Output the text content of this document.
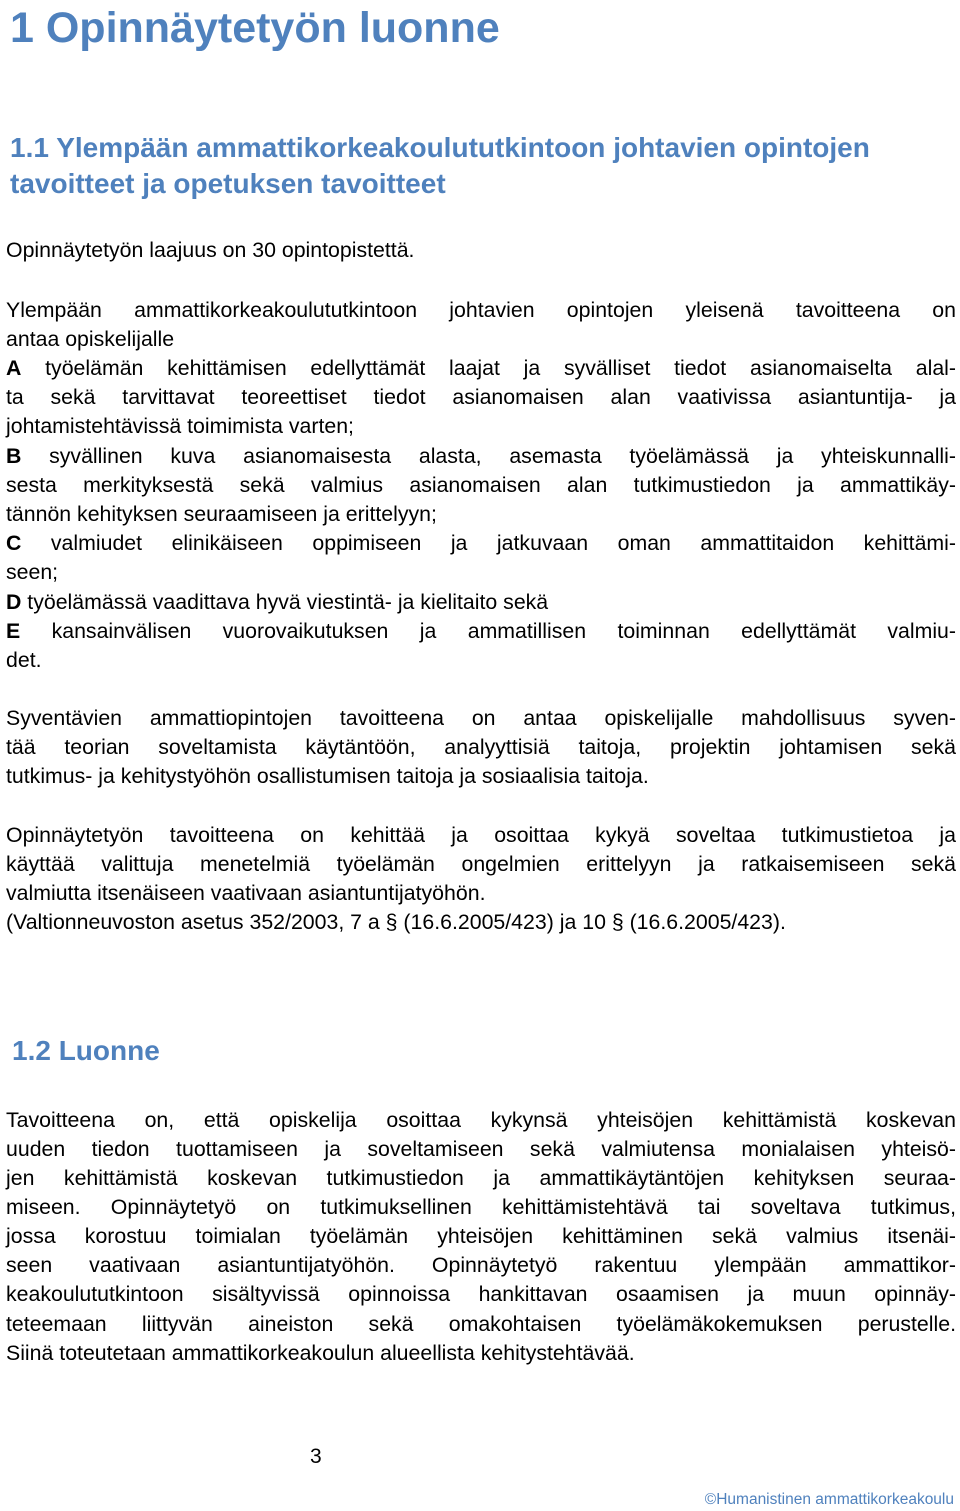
1 Opinnäytetyön luonne
1.1 Ylempään ammattikorkeakoulututkintoon johtavien opintojen
tavoitteet ja opetuksen tavoitteet
Opinnäytetyön laajuus on 30 opintopistettä.
Ylempään ammattikorkeakoulututkintoon johtavien opintojen yleisenä tavoitteena on
antaa opiskelijalle
A työelämän kehittämisen edellyttämät laajat ja syvälliset tiedot asianomaiselta alal-
ta sekä tarvittavat teoreettiset tiedot asianomaisen alan vaativissa asiantuntija- ja
johtamistehtävissä toimimista varten;
B syvällinen kuva asianomaisesta alasta, asemasta työelämässä ja yhteiskunnalli-
sesta merkityksestä sekä valmius asianomaisen alan tutkimustiedon ja ammattikäy-
tännön kehityksen seuraamiseen ja erittelyyn;
C valmiudet elinikäiseen oppimiseen ja jatkuvaan oman ammattitaidon kehittämi-
seen;
D työelämässä vaadittava hyvä viestintä- ja kielitaito sekä
E kansainvälisen vuorovaikutuksen ja ammatillisen toiminnan edellyttämät valmiu-
det.
Syventävien ammattiopintojen tavoitteena on antaa opiskelijalle mahdollisuus syven-
tää teorian soveltamista käytäntöön, analyyttisiä taitoja, projektin johtamisen sekä
tutkimus- ja kehitystyöhön osallistumisen taitoja ja sosiaalisia taitoja.
Opinnäytetyön tavoitteena on kehittää ja osoittaa kykyä soveltaa tutkimustietoa ja
käyttää valittuja menetelmiä työelämän ongelmien erittelyyn ja ratkaisemiseen sekä
valmiutta itsenäiseen vaativaan asiantuntijatyöhön.
(Valtionneuvoston asetus 352/2003, 7 a § (16.6.2005/423) ja 10 § (16.6.2005/423).
1.2 Luonne
Tavoitteena on, että opiskelija osoittaa kykynsä yhteisöjen kehittämistä koskevan
uuden tiedon tuottamiseen ja soveltamiseen sekä valmiutensa monialaisen yhteisö-
jen kehittämistä koskevan tutkimustiedon ja ammattikäytäntöjen kehityksen seuraa-
miseen. Opinnäytetyö on tutkimuksellinen kehittämistehtävä tai soveltava tutkimus,
jossa korostuu toimialan työelämän yhteisöjen kehittäminen sekä valmius itsenäi-
seen vaativaan asiantuntijatyöhön. Opinnäytetyö rakentuu ylempään ammattikor-
keakoulututkintoon sisältyvissä opinnoissa hankittavan osaamisen ja muun opinnäy-
teteemaan liittyvän aineiston sekä omakohtaisen työelämäkokemuksen perustelle.
Siinä toteutetaan ammattikorkeakoulun alueellista kehitystehtävää.
3
©Humanistinen ammattikorkeakoulu
